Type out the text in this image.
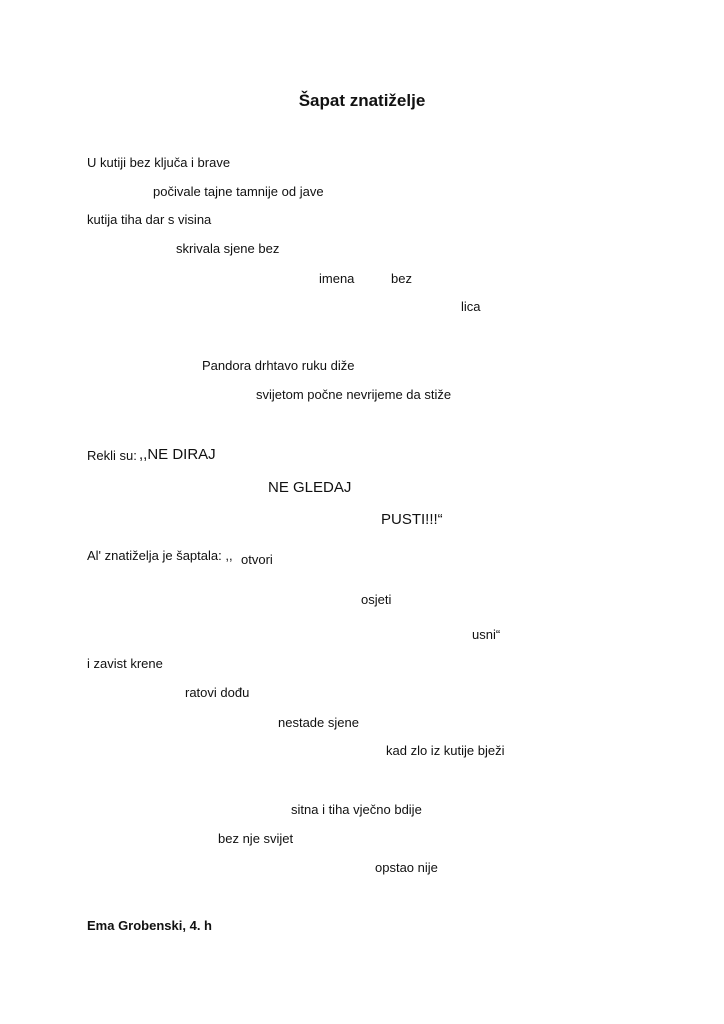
Šapat znatiželje
U kutiji bez ključa i brave
počivale tajne tamnije od jave
kutija tiha dar s visina
skrivala sjene bez
imena	bez
lica
Pandora drhtavo ruku diže
svijetom počne nevrijeme da stiže
Rekli su: ,,NE DIRAJ
NE GLEDAJ
PUSTI!!!“
Al' znatiželja je šaptala: ,, otvori
osjeti
usni“
i zavist krene
ratovi dođu
nestade sjene
kad zlo iz kutije bježi
sitna i tiha vječno bdije
bez nje svijet
opstao nije
Ema Grobenski, 4. h
